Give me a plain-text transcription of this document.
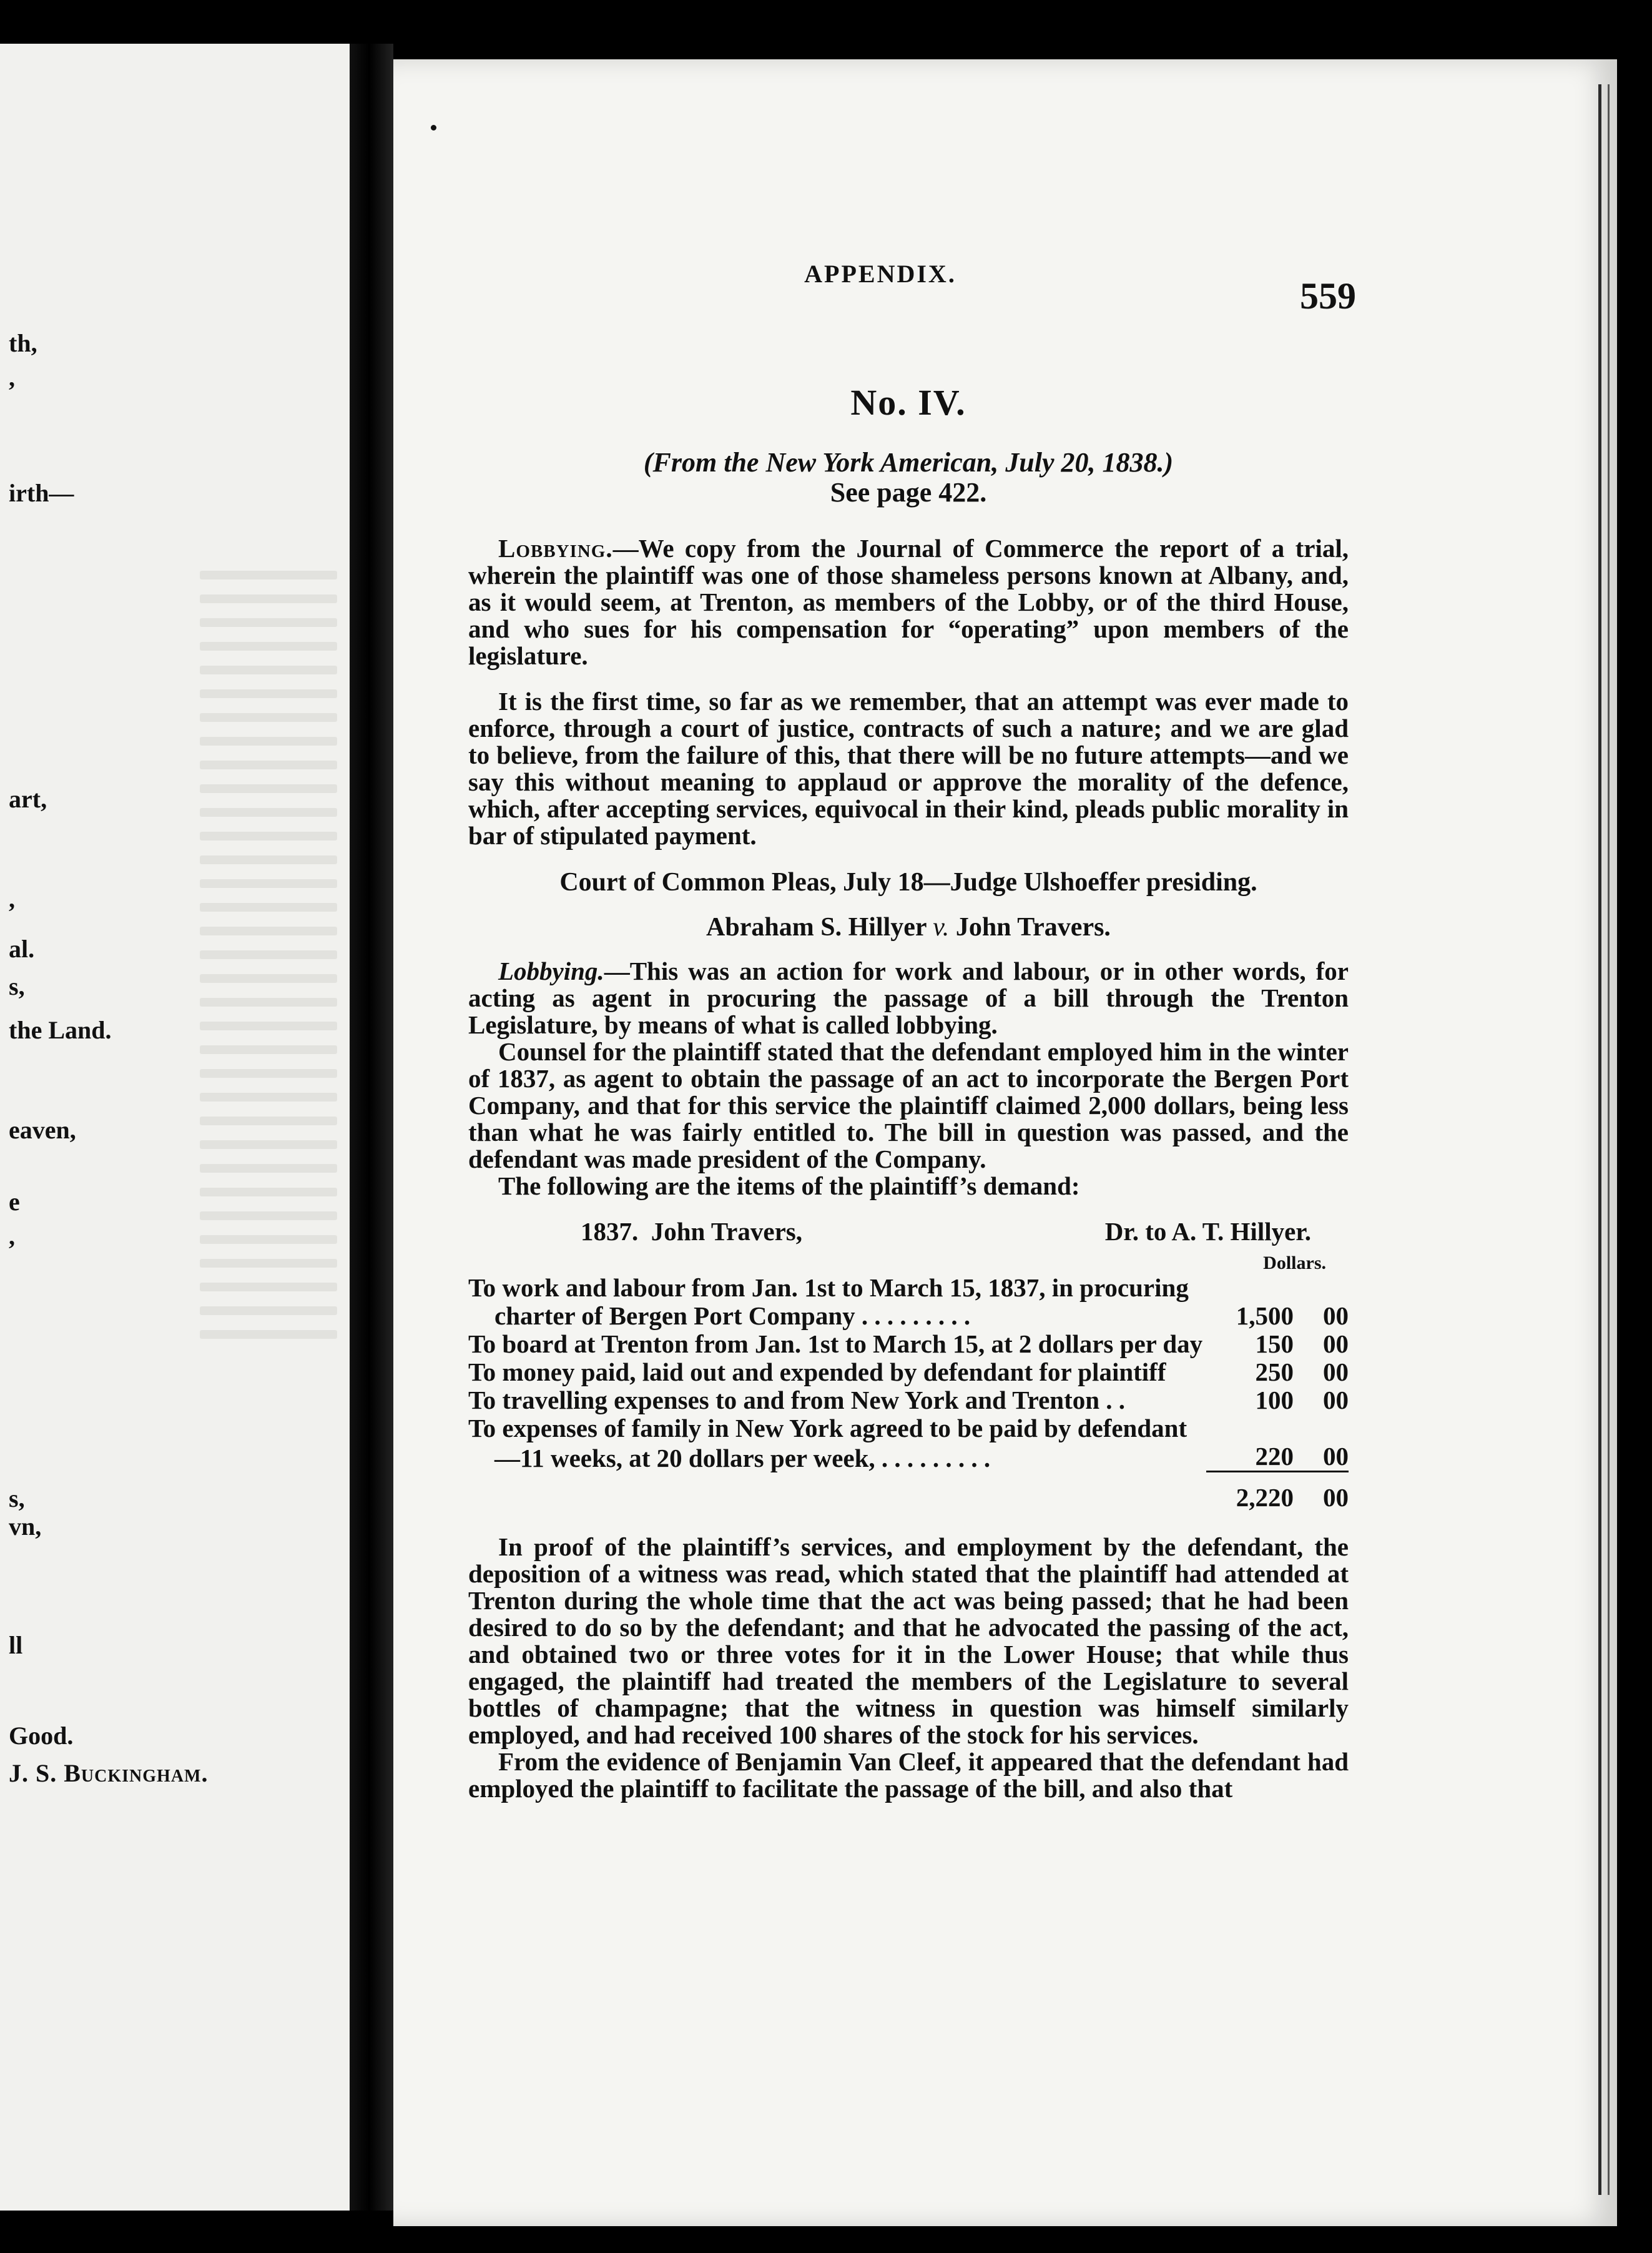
th,
,
irth—
art,
,
al.
s,
the Land.
eaven,
e
,
s,
vn,
ll
Good.
J. S. Buckingham.
APPENDIX.
559
No. IV.
(From the New York American, July 20, 1838.)
See page 422.

Lobbying.—We copy from the Journal of Commerce the report of a trial, wherein the plaintiff was one of those shameless persons known at Albany, and, as it would seem, at Trenton, as members of the Lobby, or of the third House, and who sues for his compensation for “operating” upon members of the legislature.

It is the first time, so far as we remember, that an attempt was ever made to enforce, through a court of justice, contracts of such a nature; and we are glad to believe, from the failure of this, that there will be no future attempts—and we say this without meaning to applaud or approve the morality of the defence, which, after accepting services, equivocal in their kind, pleads public morality in bar of stipulated payment.

Court of Common Pleas, July 18—Judge Ulshoeffer presiding.
Abraham S. Hillyer v. John Travers.

Lobbying.—This was an action for work and labour, or in other words, for acting as agent in procuring the passage of a bill through the Trenton Legislature, by means of what is called lobbying.

Counsel for the plaintiff stated that the defendant employed him in the winter of 1837, as agent to obtain the passage of an act to incorporate the Bergen Port Company, and that for this service the plaintiff claimed 2,000 dollars, being less than what he was fairly entitled to. The bill in question was passed, and the defendant was made president of the Company.

The following are the items of the plaintiff’s demand:

1837. John Travers,	Dr. to A. T. Hillyer.
Dollars.
To work and labour from Jan. 1st to March 15, 1837, in procuring
charter of Bergen Port Company . . . . . . . . .	1,500	00
To board at Trenton from Jan. 1st to March 15, at 2 dollars per day	150	00
To money paid, laid out and expended by defendant for plaintiff	250	00
To travelling expenses to and from New York and Trenton . .	100	00
To expenses of family in New York agreed to be paid by defendant
—11 weeks, at 20 dollars per week, . . . . . . . . .	220	00
2,220	00

In proof of the plaintiff’s services, and employment by the defendant, the deposition of a witness was read, which stated that the plaintiff had attended at Trenton during the whole time that the act was being passed; that he had been desired to do so by the defendant; and that he advocated the passing of the act, and obtained two or three votes for it in the Lower House; that while thus engaged, the plaintiff had treated the members of the Legislature to several bottles of champagne; that the witness in question was himself similarly employed, and had received 100 shares of the stock for his services.

From the evidence of Benjamin Van Cleef, it appeared that the defendant had employed the plaintiff to facilitate the passage of the bill, and also that
